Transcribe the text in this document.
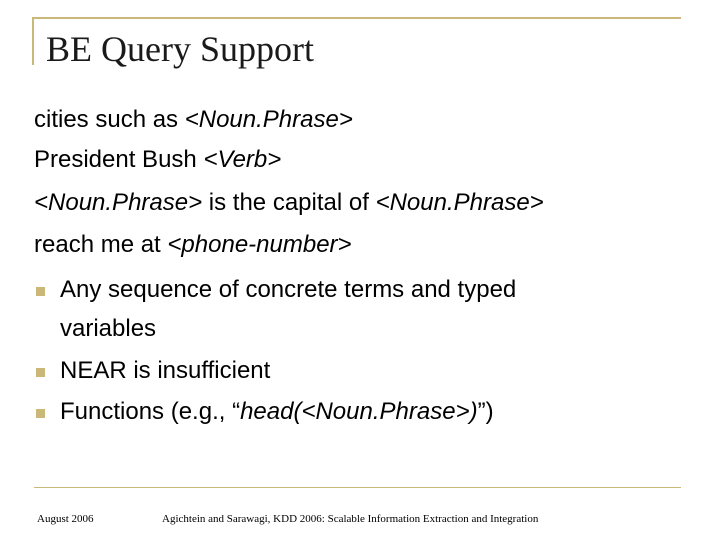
BE Query Support
cities such as <Noun.Phrase>
President Bush <Verb>
<Noun.Phrase> is the capital of <Noun.Phrase>
reach me at <phone-number>
Any sequence of concrete terms and typed
variables
NEAR is insufficient
Functions (e.g., “head(<Noun.Phrase>)”)
August 2006	Agichtein and Sarawagi, KDD 2006: Scalable Information Extraction and Integration
